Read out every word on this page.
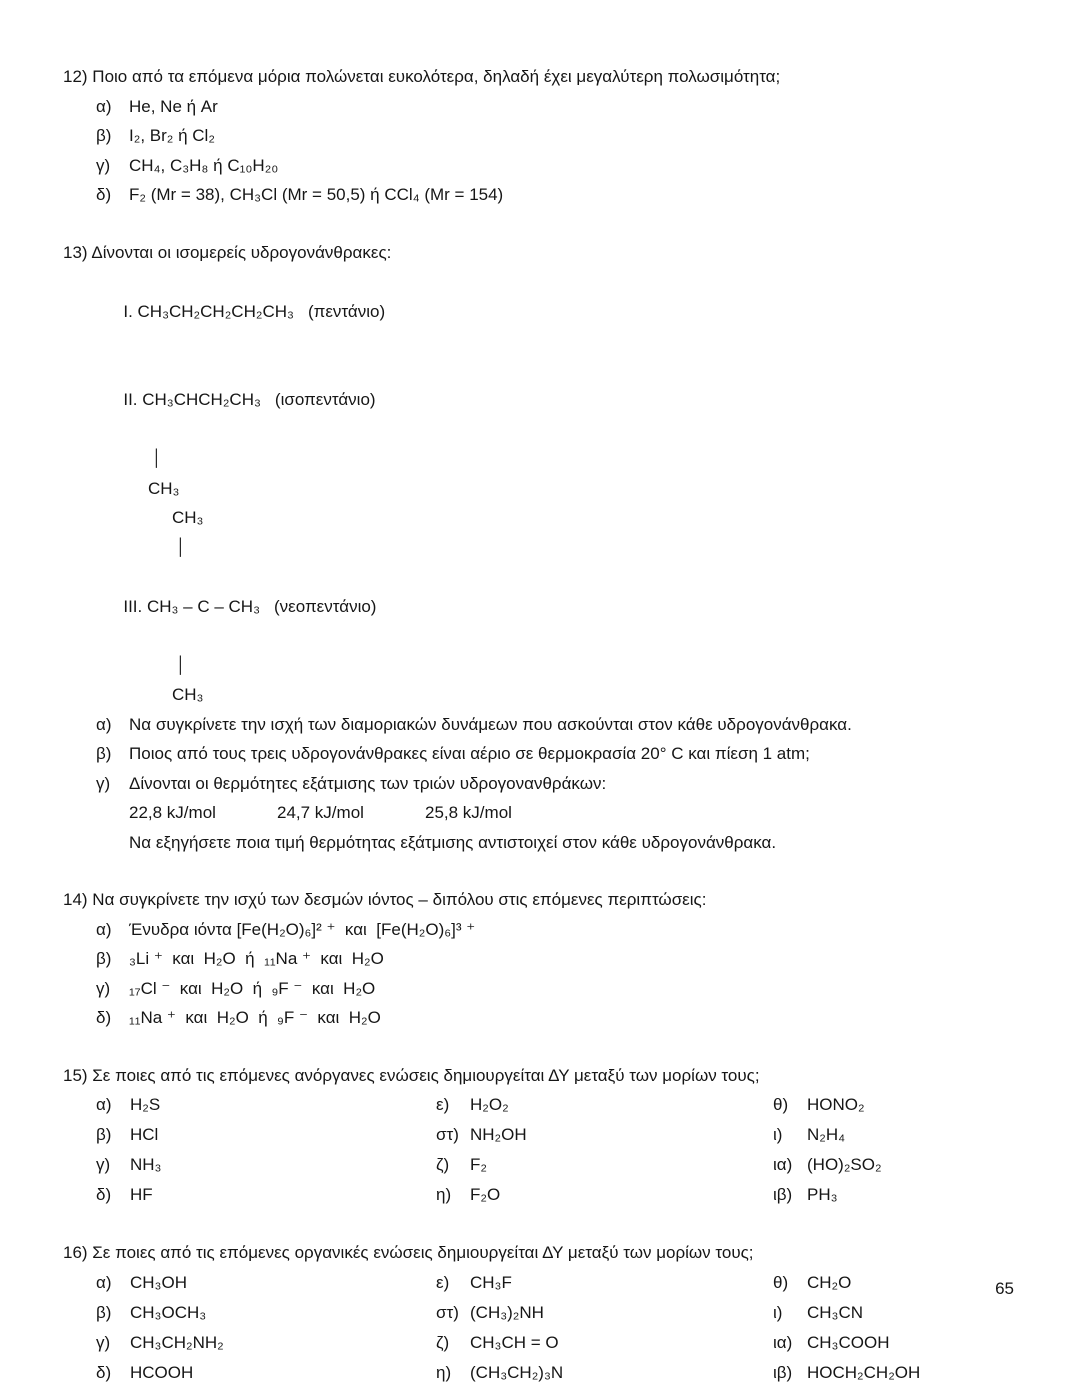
12) Ποιο από τα επόμενα μόρια πολώνεται ευκολότερα, δηλαδή έχει μεγαλύτερη πολωσιμότητα;
α)	He, Ne ή Ar
β)	I₂, Br₂ ή Cl₂
γ)	CH₄, C₃H₈ ή C₁₀H₂₀
δ)	F₂ (Mr = 38), CH₃Cl (Mr = 50,5) ή CCl₄ (Mr = 154)
13) Δίνονται οι ισομερείς υδρογονάνθρακες:

I. CH₃CH₂CH₂CH₂CH₃ (πεντάνιο)

II. CH₃CHCH₂CH₃ (ισοπεντάνιο)

│
CH₃
CH₃
│

III. CH₃ – C – CH₃ (νεοπεντάνιο)

│
CH₃
α)	Να συγκρίνετε την ισχή των διαμοριακών δυνάμεων που ασκούνται στον κάθε υδρογονάνθρακα.
β)	Ποιος από τους τρεις υδρογονάνθρακες είναι αέριο σε θερμοκρασία 20° C και πίεση 1 atm;
γ)	Δίνονται οι θερμότητες εξάτμισης των τριών υδρογονανθράκων:
22,8 kJ/mol	24,7 kJ/mol	25,8 kJ/mol
Να εξηγήσετε ποια τιμή θερμότητας εξάτμισης αντιστοιχεί στον κάθε υδρογονάνθρακα.
14) Να συγκρίνετε την ισχύ των δεσμών ιόντος – διπόλου στις επόμενες περιπτώσεις:
α)	Ένυδρα ιόντα [Fe(H₂O)₆]² ⁺  και  [Fe(H₂O)₆]³ ⁺
β)	₃Li ⁺  και  H₂O  ή  ₁₁Na ⁺  και  H₂O
γ)	₁₇Cl ⁻  και  H₂O  ή  ₉F ⁻  και  H₂O
δ)	₁₁Na ⁺  και  H₂O  ή  ₉F ⁻  και  H₂O
15) Σε ποιες από τις επόμενες ανόργανες ενώσεις δημιουργείται ΔΥ μεταξύ των μορίων τους;
α)	H₂S	ε)	H₂O₂	θ)	HONO₂
β)	HCl	στ) NH₂OH	ι)	N₂H₄
γ)	NH₃	ζ)	F₂	ια) (HO)₂SO₂
δ)	HF	η)	F₂O	ιβ) PH₃
16) Σε ποιες από τις επόμενες οργανικές ενώσεις δημιουργείται ΔΥ μεταξύ των μορίων τους;
α)	CH₃OH	ε)	CH₃F	θ)	CH₂O
β)	CH₃OCH₃	στ) (CH₃)₂NH	ι)	CH₃CN
γ)	CH₃CH₂NH₂	ζ)	CH₃CH = O	ια) CH₃COOH
δ)	HCOOH	η)	(CH₃CH₂)₃N	ιβ) HOCH₂CH₂OH
65
